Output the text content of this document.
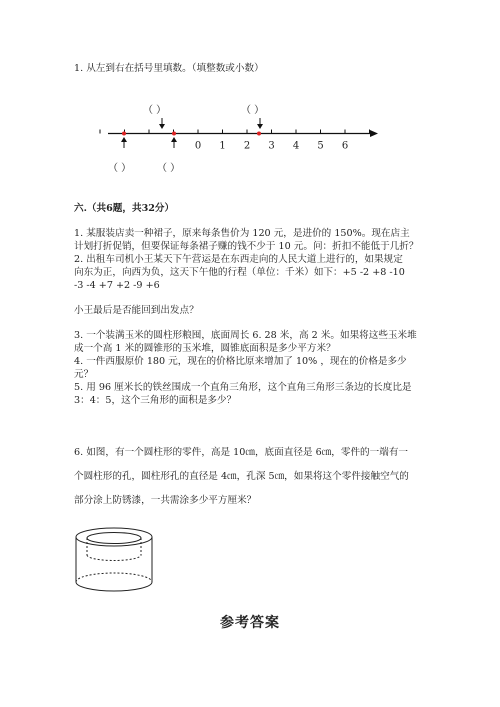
1. 从左到右在括号里填数。（填整数或小数）
（ ）	（ ）
（ ）	（ ）
0 1 2 3 4 5 6
六.（共6题，共32分）
1. 某服装店卖一种裙子，原来每条售价为 120 元，是进价的 150%。现在店主
计划打折促销，但要保证每条裙子赚的钱不少于 10 元。问：折扣不能低于几折？
2. 出租车司机小王某天下午营运是在东西走向的人民大道上进行的，如果规定
向东为正，向西为负，这天下午他的行程（单位：千米）如下：+5 -2 +8 -10
-3 -4 +7 +2 -9 +6
小王最后是否能回到出发点？
3. 一个装满玉米的圆柱形粮囤，底面周长 6. 28 米，高 2 米。如果将这些玉米堆
成一个高 1 米的圆锥形的玉米堆，圆锥底面积是多少平方米？
4. 一件西服原价 180 元，现在的价格比原来增加了 10% ，现在的价格是多少
元？
5. 用 96 厘米长的铁丝围成一个直角三角形，这个直角三角形三条边的长度比是
3：4：5，这个三角形的面积是多少？
6. 如图，有一个圆柱形的零件，高是 10㎝，底面直径是 6㎝，零件的一端有一
个圆柱形的孔，圆柱形孔的直径是 4㎝，孔深 5㎝，如果将这个零件接触空气的
部分涂上防锈漆，一共需涂多少平方厘米？
参考答案
